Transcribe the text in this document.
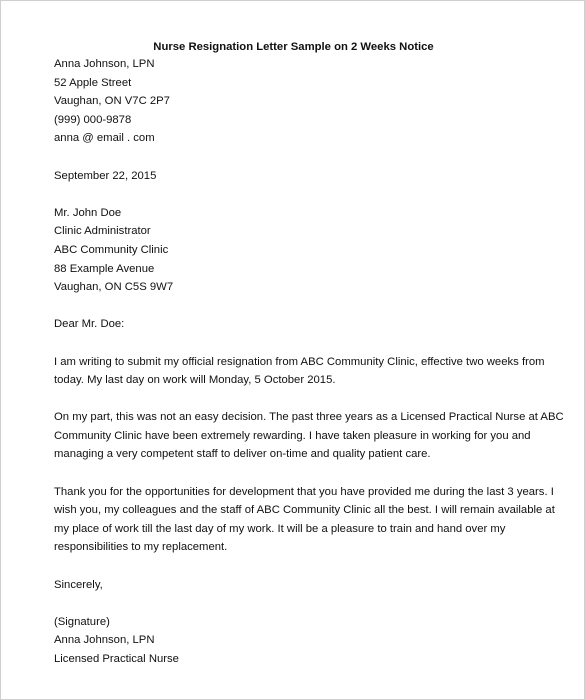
Nurse Resignation Letter Sample on 2 Weeks Notice
Anna Johnson, LPN
52 Apple Street
Vaughan, ON V7C 2P7
(999) 000-9878
anna @ email . com
September 22, 2015
Mr. John Doe
Clinic Administrator
ABC Community Clinic
88 Example Avenue
Vaughan, ON C5S 9W7
Dear Mr. Doe:
I am writing to submit my official resignation from ABC Community Clinic, effective two weeks from
today. My last day on work will Monday, 5 October 2015.
On my part, this was not an easy decision. The past three years as a Licensed Practical Nurse at ABC
Community Clinic have been extremely rewarding. I have taken pleasure in working for you and
managing a very competent staff to deliver on-time and quality patient care.
Thank you for the opportunities for development that you have provided me during the last 3 years. I
wish you, my colleagues and the staff of ABC Community Clinic all the best. I will remain available at
my place of work till the last day of my work. It will be a pleasure to train and hand over my
responsibilities to my replacement.
Sincerely,
(Signature)
Anna Johnson, LPN
Licensed Practical Nurse
